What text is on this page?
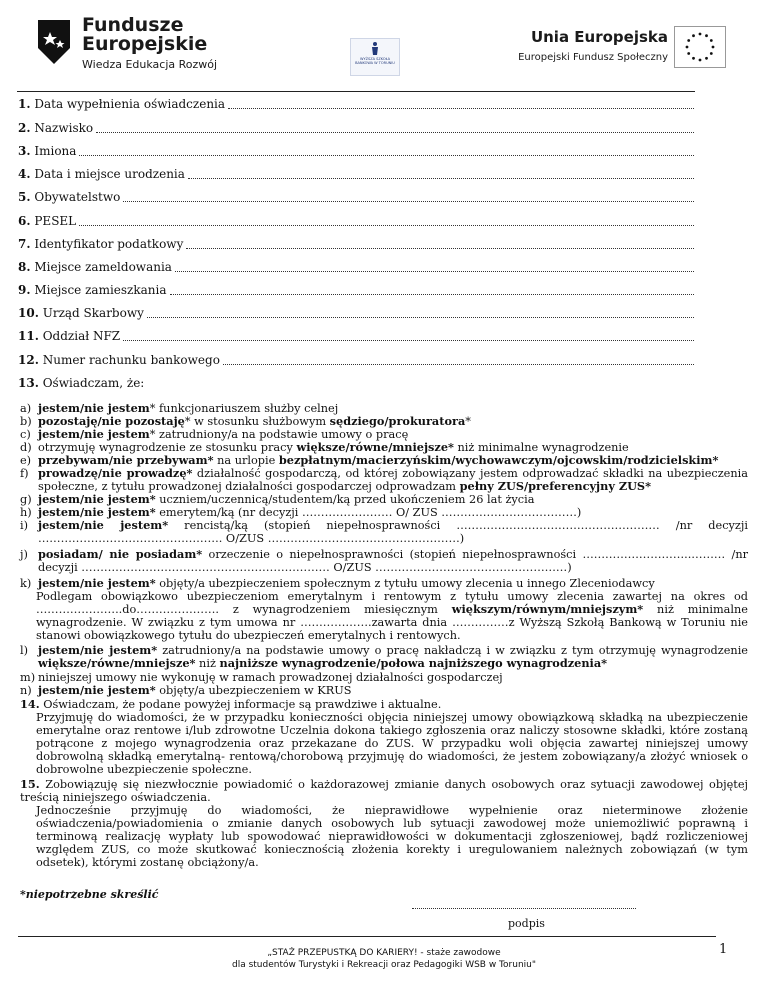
Fundusze
Europejskie
Wiedza Edukacja Rozwój	WYŻSZA SZKOŁA BANKOWA W TORUNIU
Unia Europejska
Europejski Fundusz Społeczny
1. Data wypełnienia oświadczenia
2. Nazwisko
3. Imiona
4. Data i miejsce urodzenia
5. Obywatelstwo
6. PESEL
7. Identyfikator podatkowy
8. Miejsce zameldowania
9. Miejsce zamieszkania
10. Urząd Skarbowy
11. Oddział NFZ
12. Numer rachunku bankowego
13. Oświadczam, że:
a) jestem/nie jestem* funkcjonariuszem służby celnej
b) pozostaję/nie pozostaję* w stosunku służbowym sędziego/prokuratora*
c) jestem/nie jestem* zatrudniony/a na podstawie umowy o pracę
d) otrzymuję wynagrodzenie ze stosunku pracy większe/równe/mniejsze* niż minimalne wynagrodzenie
e) przebywam/nie przebywam* na urlopie bezpłatnym/macierzyńskim/wychowawczym/ojcowskim/rodzicielskim*
f) prowadzę/nie prowadzę* działalność gospodarczą, od której zobowiązany jestem odprowadzać składki na ubezpieczenia społeczne, z tytułu prowadzonej działalności gospodarczej odprowadzam pełny ZUS/preferencyjny ZUS*
g) jestem/nie jestem* uczniem/uczennicą/studentem/ką przed ukończeniem 26 lat życia
h) jestem/nie jestem* emerytem/ką (nr decyzji …………………… O/ ZUS ………………………………)
i) jestem/nie jestem* rencistą/ką (stopień niepełnosprawności ……………………………………………… /nr decyzji …………………………………………. O/ZUS ……………………………………………)
j) posiadam/ nie posiadam* orzeczenie o niepełnosprawności (stopień niepełnosprawności ………………………..……… /nr decyzji ………………………………………………………… O/ZUS ……………………………………………)
k) jestem/nie jestem* objęty/a ubezpieczeniem społecznym z tytułu umowy zlecenia u innego Zleceniodawcy
Podlegam obowiązkowo ubezpieczeniom emerytalnym i rentowym z tytułu umowy zlecenia zawartej na okres od …………………..do…………………. z wynagrodzeniem miesięcznym większym/równym/mniejszym* niż minimalne wynagrodzenie. W związku z tym umowa nr ……………….zawarta dnia ……………z Wyższą Szkołą Bankową w Toruniu nie stanowi obowiązkowego tytułu do ubezpieczeń emerytalnych i rentowych.
l) jestem/nie jestem* zatrudniony/a na podstawie umowy o pracę nakładczą i w związku z tym otrzymuję wynagrodzenie większe/równe/mniejsze* niż najniższe wynagrodzenie/połowa najniższego wynagrodzenia*
m) niniejszej umowy nie wykonuję w ramach prowadzonej działalności gospodarczej
n) jestem/nie jestem* objęty/a ubezpieczeniem w KRUS
14. Oświadczam, że podane powyżej informacje są prawdziwe i aktualne.
Przyjmuję do wiadomości, że w przypadku konieczności objęcia niniejszej umowy obowiązkową składką na ubezpieczenie emerytalne oraz rentowe i/lub zdrowotne Uczelnia dokona takiego zgłoszenia oraz naliczy stosowne składki, które zostaną potrącone z mojego wynagrodzenia oraz przekazane do ZUS. W przypadku woli objęcia zawartej niniejszej umowy dobrowolną składką emerytalną- rentową/chorobową przyjmuję do wiadomości, że jestem zobowiązany/a złożyć wniosek o dobrowolne ubezpieczenie społeczne.
15. Zobowiązuję się niezwłocznie powiadomić o każdorazowej zmianie danych osobowych oraz sytuacji zawodowej objętej treścią niniejszego oświadczenia.
Jednocześnie przyjmuję do wiadomości, że nieprawidłowe wypełnienie oraz nieterminowe złożenie oświadczenia/powiadomienia o zmianie danych osobowych lub sytuacji zawodowej może uniemożliwić poprawną i terminową realizację wypłaty lub spowodować nieprawidłowości w dokumentacji zgłoszeniowej, bądź rozliczeniowej względem ZUS, co może skutkować koniecznością złożenia korekty i uregulowaniem należnych zobowiązań (w tym odsetek), którymi zostanę obciążony/a.
*niepotrzebne skreślić
podpis
1
„STAŻ PRZEPUSTKĄ DO KARIERY! - staże zawodowe
dla studentów Turystyki i Rekreacji oraz Pedagogiki WSB w Toruniu"
